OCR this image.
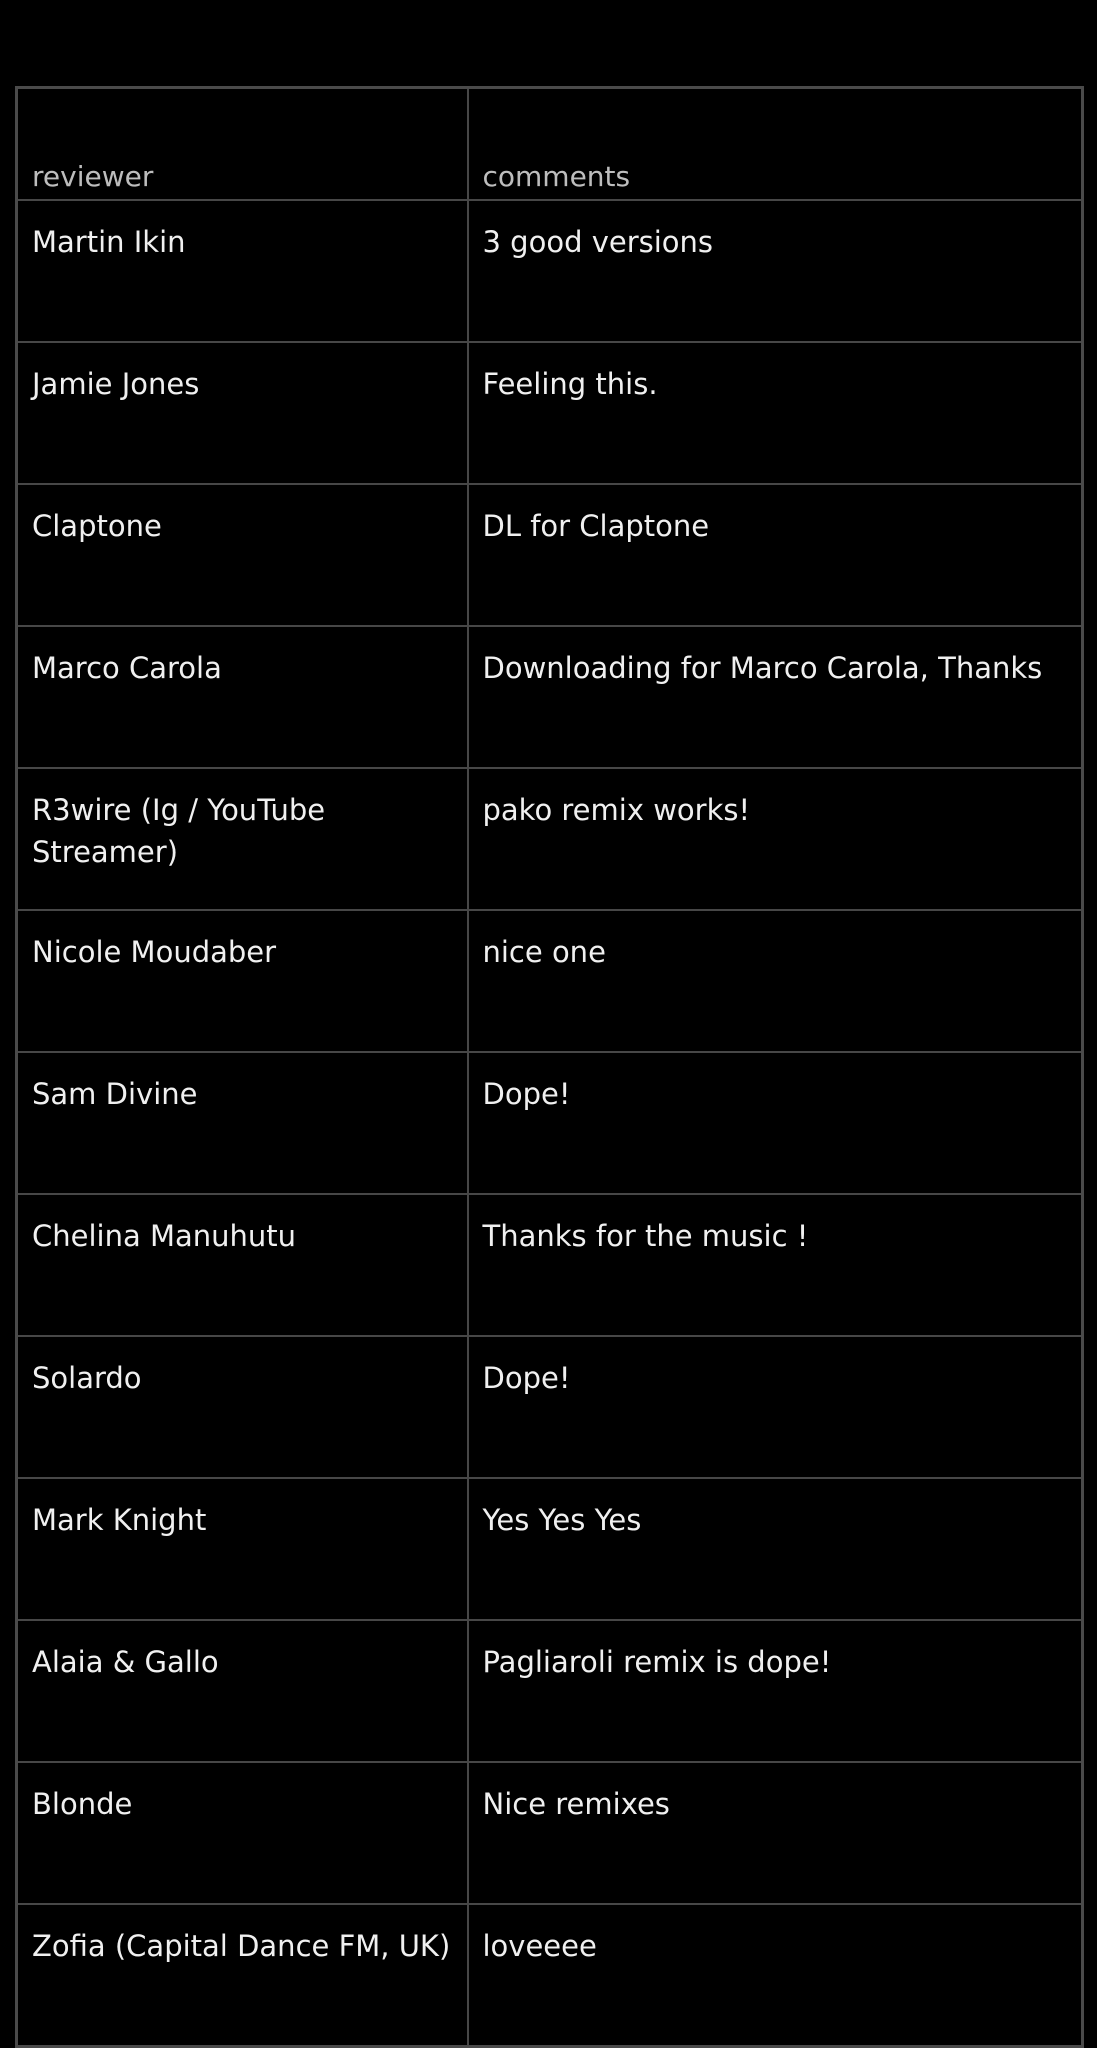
reviewer	comments
Martin Ikin	3 good versions
Jamie Jones	Feeling this.
Claptone	DL for Claptone
Marco Carola	Downloading for Marco Carola, Thanks
R3wire (Ig / YouTube Streamer)	pako remix works!
Nicole Moudaber	nice one
Sam Divine	Dope!
Chelina Manuhutu	Thanks for the music !
Solardo	Dope!
Mark Knight	Yes Yes Yes
Alaia & Gallo	Pagliaroli remix is dope!
Blonde	Nice remixes
Zofia (Capital Dance FM, UK)	loveeee
